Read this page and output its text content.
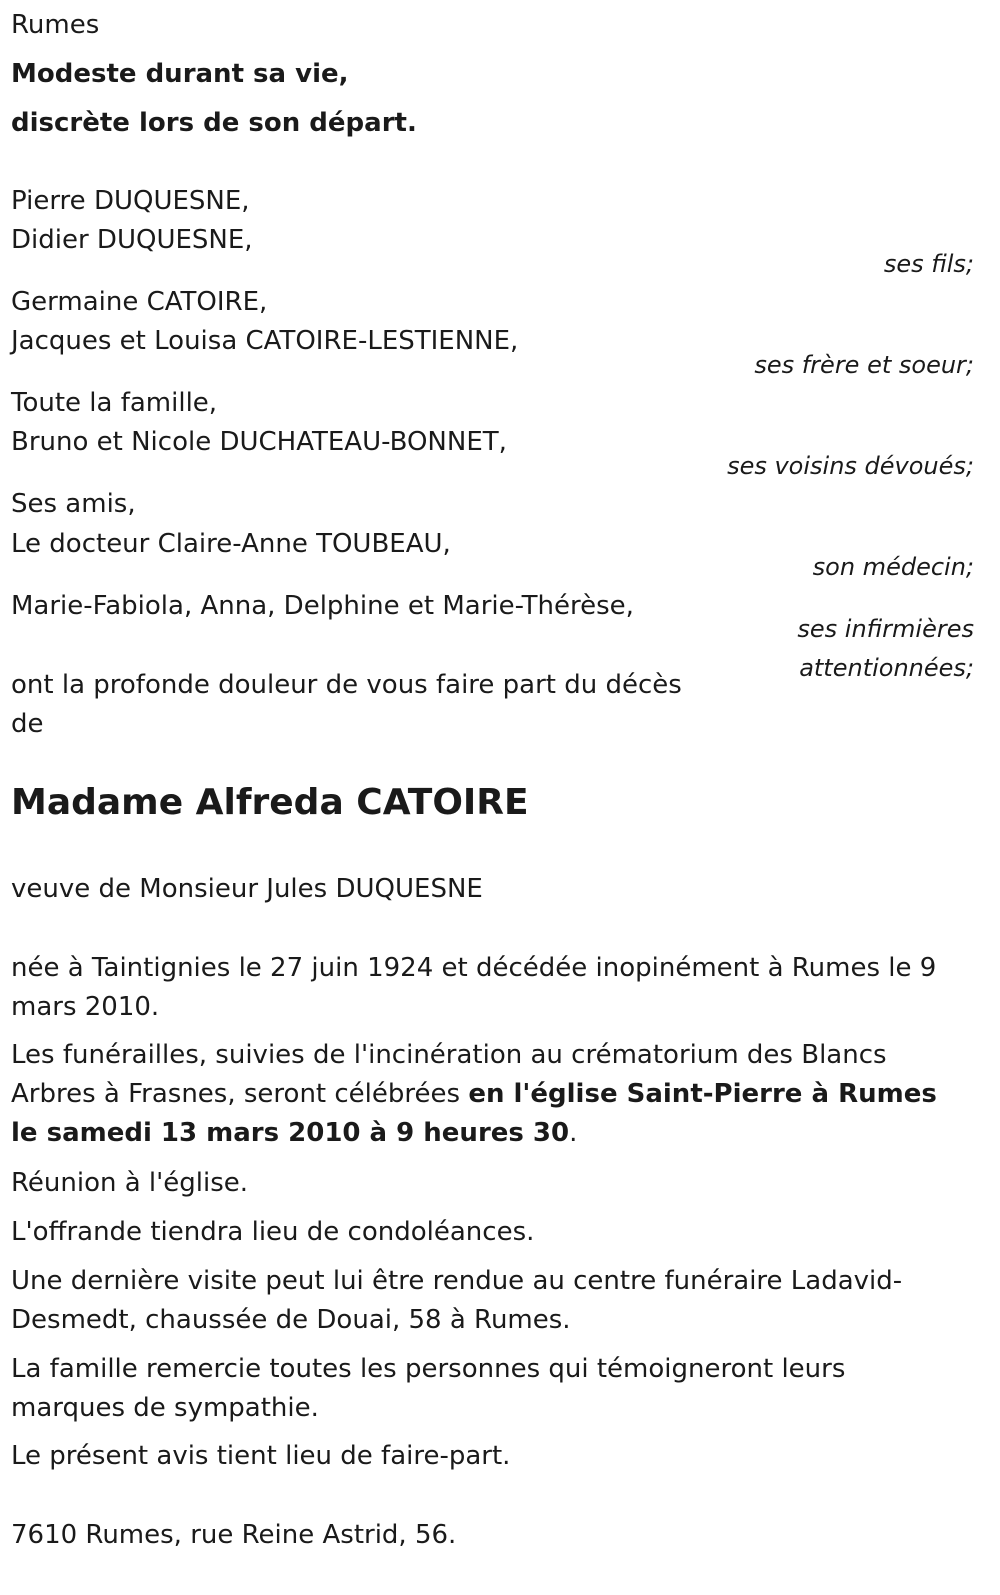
Rumes
Modeste durant sa vie,
discrète lors de son départ.
Pierre DUQUESNE,
Didier DUQUESNE,
ses fils;
Germaine CATOIRE,
Jacques et Louisa CATOIRE-LESTIENNE,
ses frère et soeur;
Toute la famille,
Bruno et Nicole DUCHATEAU-BONNET,
ses voisins dévoués;
Ses amis,
Le docteur Claire-Anne TOUBEAU,
son médecin;
Marie-Fabiola, Anna, Delphine et Marie-Thérèse,
ses infirmières
attentionnées;
ont la profonde douleur de vous faire part du décès
de
Madame Alfreda CATOIRE
veuve de Monsieur Jules DUQUESNE
née à Taintignies le 27 juin 1924 et décédée inopinément à Rumes le 9 mars 2010.
Les funérailles, suivies de l'incinération au crématorium des Blancs Arbres à Frasnes, seront célébrées en l'église Saint-Pierre à Rumes le samedi 13 mars 2010 à 9 heures 30.
Réunion à l'église.
L'offrande tiendra lieu de condoléances.
Une dernière visite peut lui être rendue au centre funéraire Ladavid-Desmedt, chaussée de Douai, 58 à Rumes.
La famille remercie toutes les personnes qui témoigneront leurs marques de sympathie.
Le présent avis tient lieu de faire-part.
7610 Rumes, rue Reine Astrid, 56.
